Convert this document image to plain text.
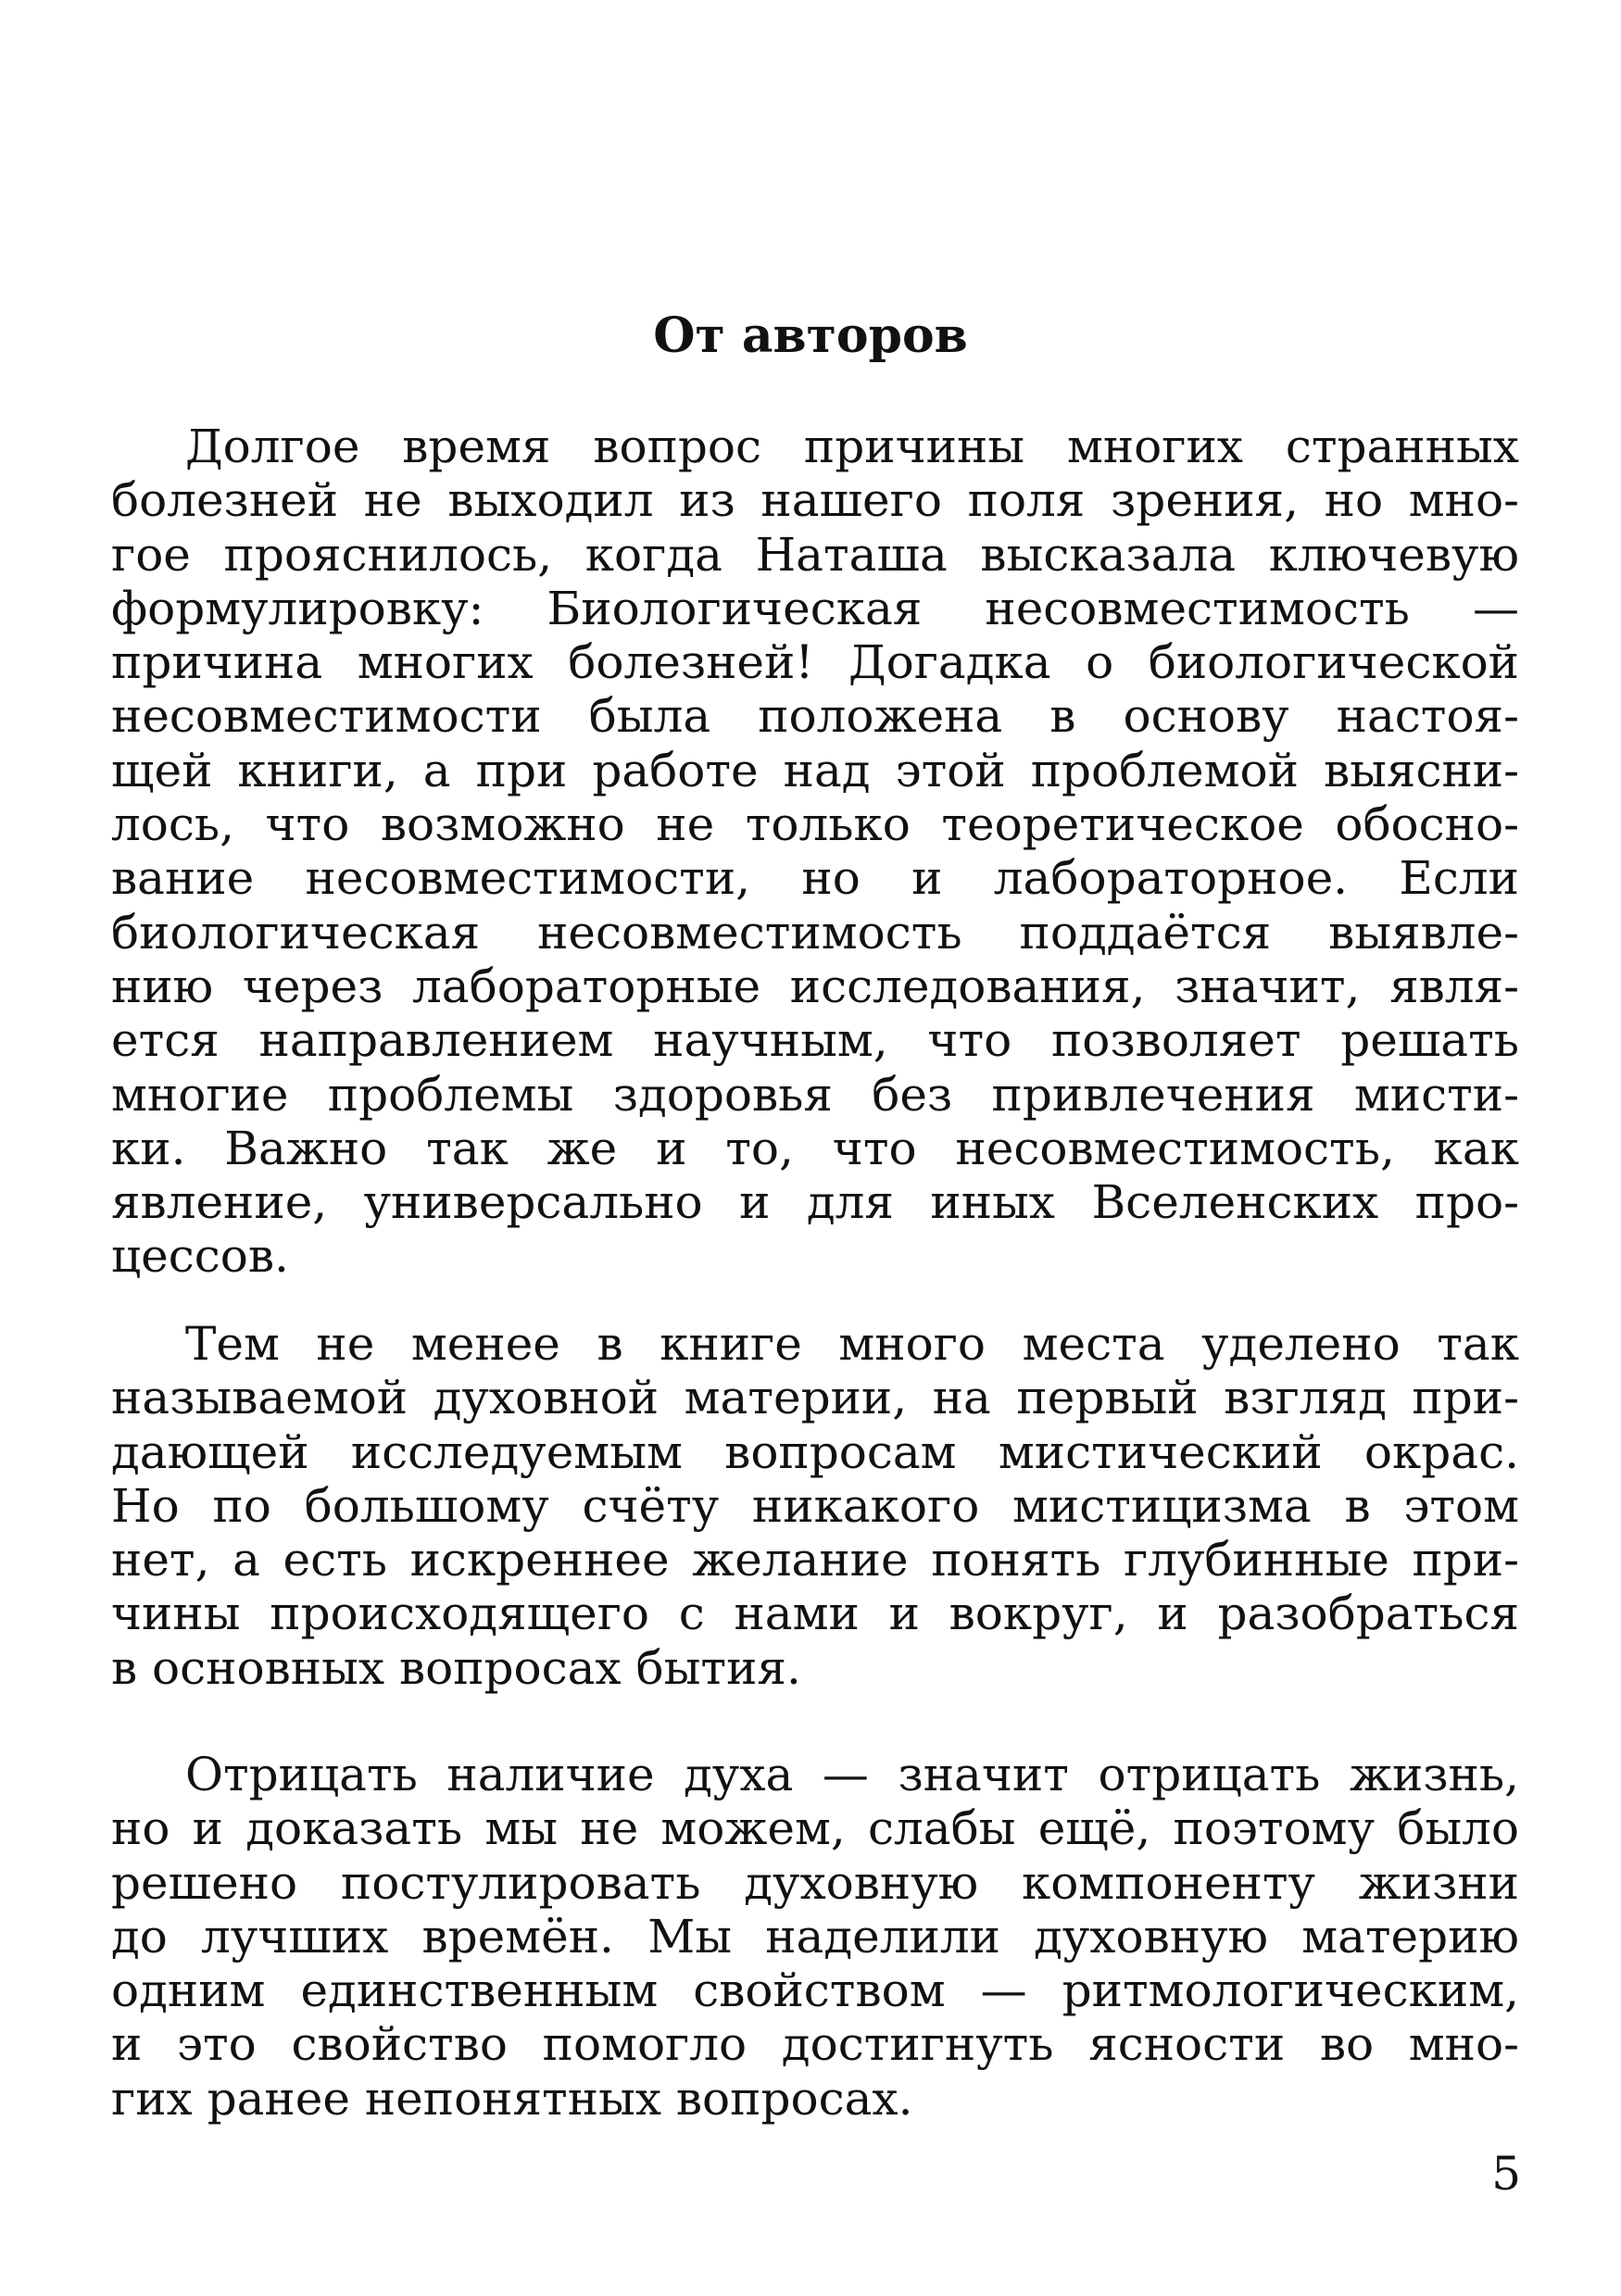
От авторов
Долгое время вопрос причины многих странных
болезней не выходил из нашего поля зрения, но мно-
гое прояснилось, когда Наташа высказала ключевую
формулировку: Биологическая несовместимость —
причина многих болезней! Догадка о биологической
несовместимости была положена в основу настоя-
щей книги, а при работе над этой проблемой выясни-
лось, что возможно не только теоретическое обосно-
вание несовместимости, но и лабораторное. Если
биологическая несовместимость поддаётся выявле-
нию через лабораторные исследования, значит, явля-
ется направлением научным, что позволяет решать
многие проблемы здоровья без привлечения мисти-
ки. Важно так же и то, что несовместимость, как
явление, универсально и для иных Вселенских про-
цессов.
Тем не менее в книге много места уделено так
называемой духовной материи, на первый взгляд при-
дающей исследуемым вопросам мистический окрас.
Но по большому счёту никакого мистицизма в этом
нет, а есть искреннее желание понять глубинные при-
чины происходящего с нами и вокруг, и разобраться
в основных вопросах бытия.
Отрицать наличие духа — значит отрицать жизнь,
но и доказать мы не можем, слабы ещё, поэтому было
решено постулировать духовную компоненту жизни
до лучших времён. Мы наделили духовную материю
одним единственным свойством — ритмологическим,
и это свойство помогло достигнуть ясности во мно-
гих ранее непонятных вопросах.
5
